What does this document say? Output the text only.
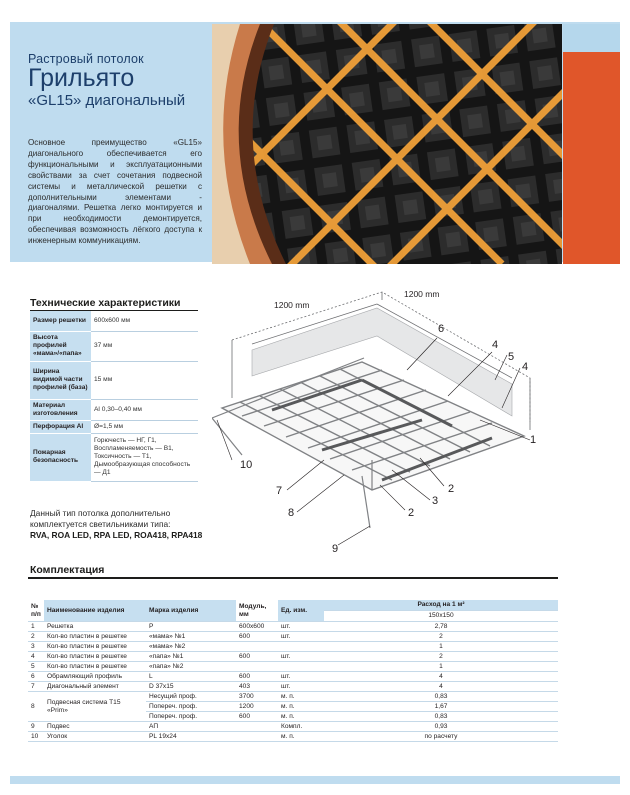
Растровый потолок
Грильято
«GL15» диагональный
Основное преимущество «GL15» диагонального обеспечивается его функциональными и эксплуатационными свойствами за счет сочетания подвесной системы и металлической решетки с дополнительными элементами - диагоналями. Решетка легко монтируется и при необходимости демонтируется, обеспечивая возможность лёгкого доступа к инженерным коммуникациям.
Технические характеристики
Размер решетки	600х600 мм
Высота профилей «мама»/«папа»	37 мм
Ширина видимой части профилей (база)	15 мм
Материал изготовления	Al 0,30–0,40 мм
Перфорация Al	Ø=1,5 мм
Пожарная безопасность	Горючесть — НГ, Г1, Воспламеняемость — В1, Токсичность — Т1, Дымообразующая способность — Д1
Данный тип потолка дополнительно комплектуется светильниками типа:
RVA, ROA LED, RPA LED, ROA418, RPA418
1200 mm
1200 mm
6
4
5
4
1
10
7
8
3
2
2
9
Комплектация
№ п/п	Наименование изделия	Марка изделия	Модуль, мм	Ед. изм.	Расход на 1 м²
					150х150
1	Решетка	Р	600х600	шт.	2,78
2	Кол-во пластин в решетке	«мама» №1	600	шт.	2
3	Кол-во пластин в решетке	«мама» №2			1
4	Кол-во пластин в решетке	«папа» №1	600	шт.	2
5	Кол-во пластин в решетке	«папа» №2			1
6	Обрамляющий профиль	L	600	шт.	4
7	Диагональный элемент	D 37х15	403	шт.	4
8	Подвесная система Т15 «Prim»	Несущий проф.	3700	м. п.	0,83
		Попереч. проф.	1200	м. п.	1,67
		Попереч. проф.	600	м. п.	0,83
9	Подвес	АП		Компл.	0,93
10	Уголок	PL 19х24		м. п.	по расчету
